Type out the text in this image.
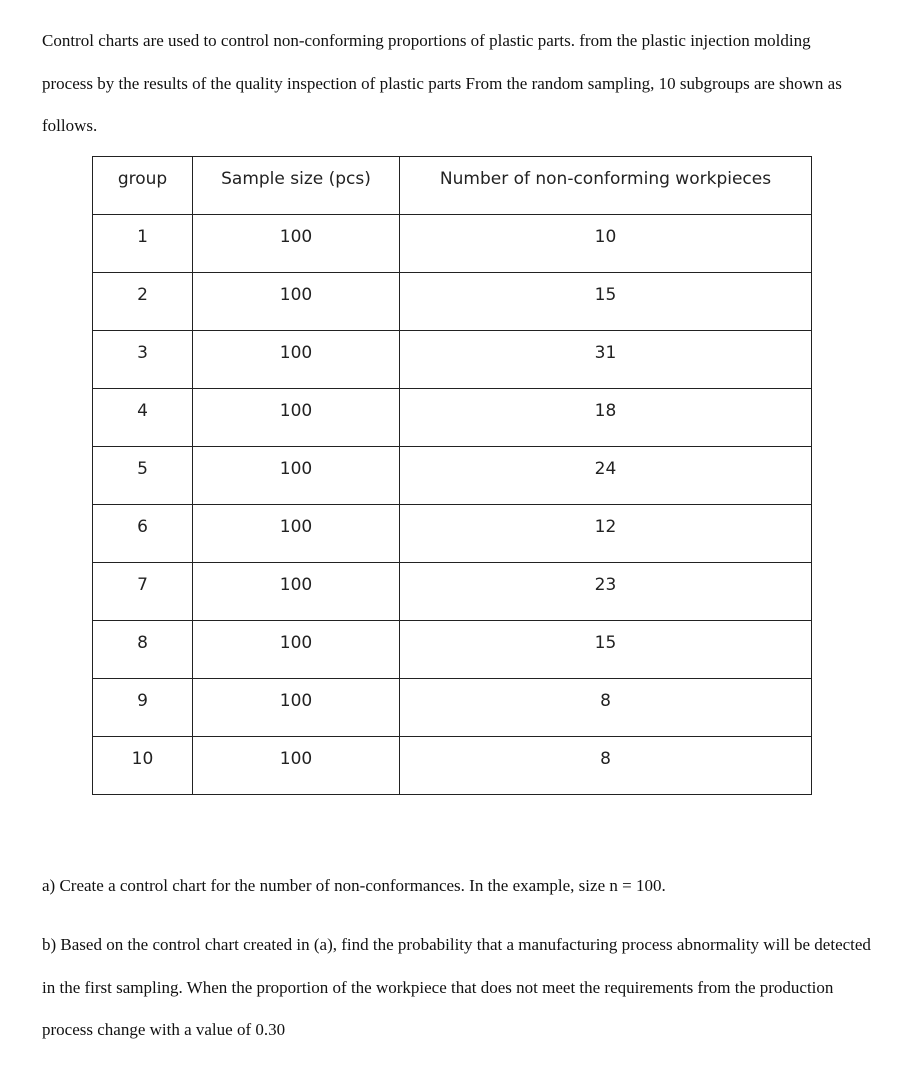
Control charts are used to control non-conforming proportions of plastic parts. from the plastic injection molding process by the results of the quality inspection of plastic parts From the random sampling, 10 subgroups are shown as follows.

group	Sample size (pcs)	Number of non-conforming workpieces
1	100	10
2	100	15
3	100	31
4	100	18
5	100	24
6	100	12
7	100	23
8	100	15
9	100	8
10	100	8

a) Create a control chart for the number of non-conformances. In the example, size n = 100.

b) Based on the control chart created in (a), find the probability that a manufacturing process abnormality will be detected in the first sampling. When the proportion of the workpiece that does not meet the requirements from the production process change with a value of 0.30
